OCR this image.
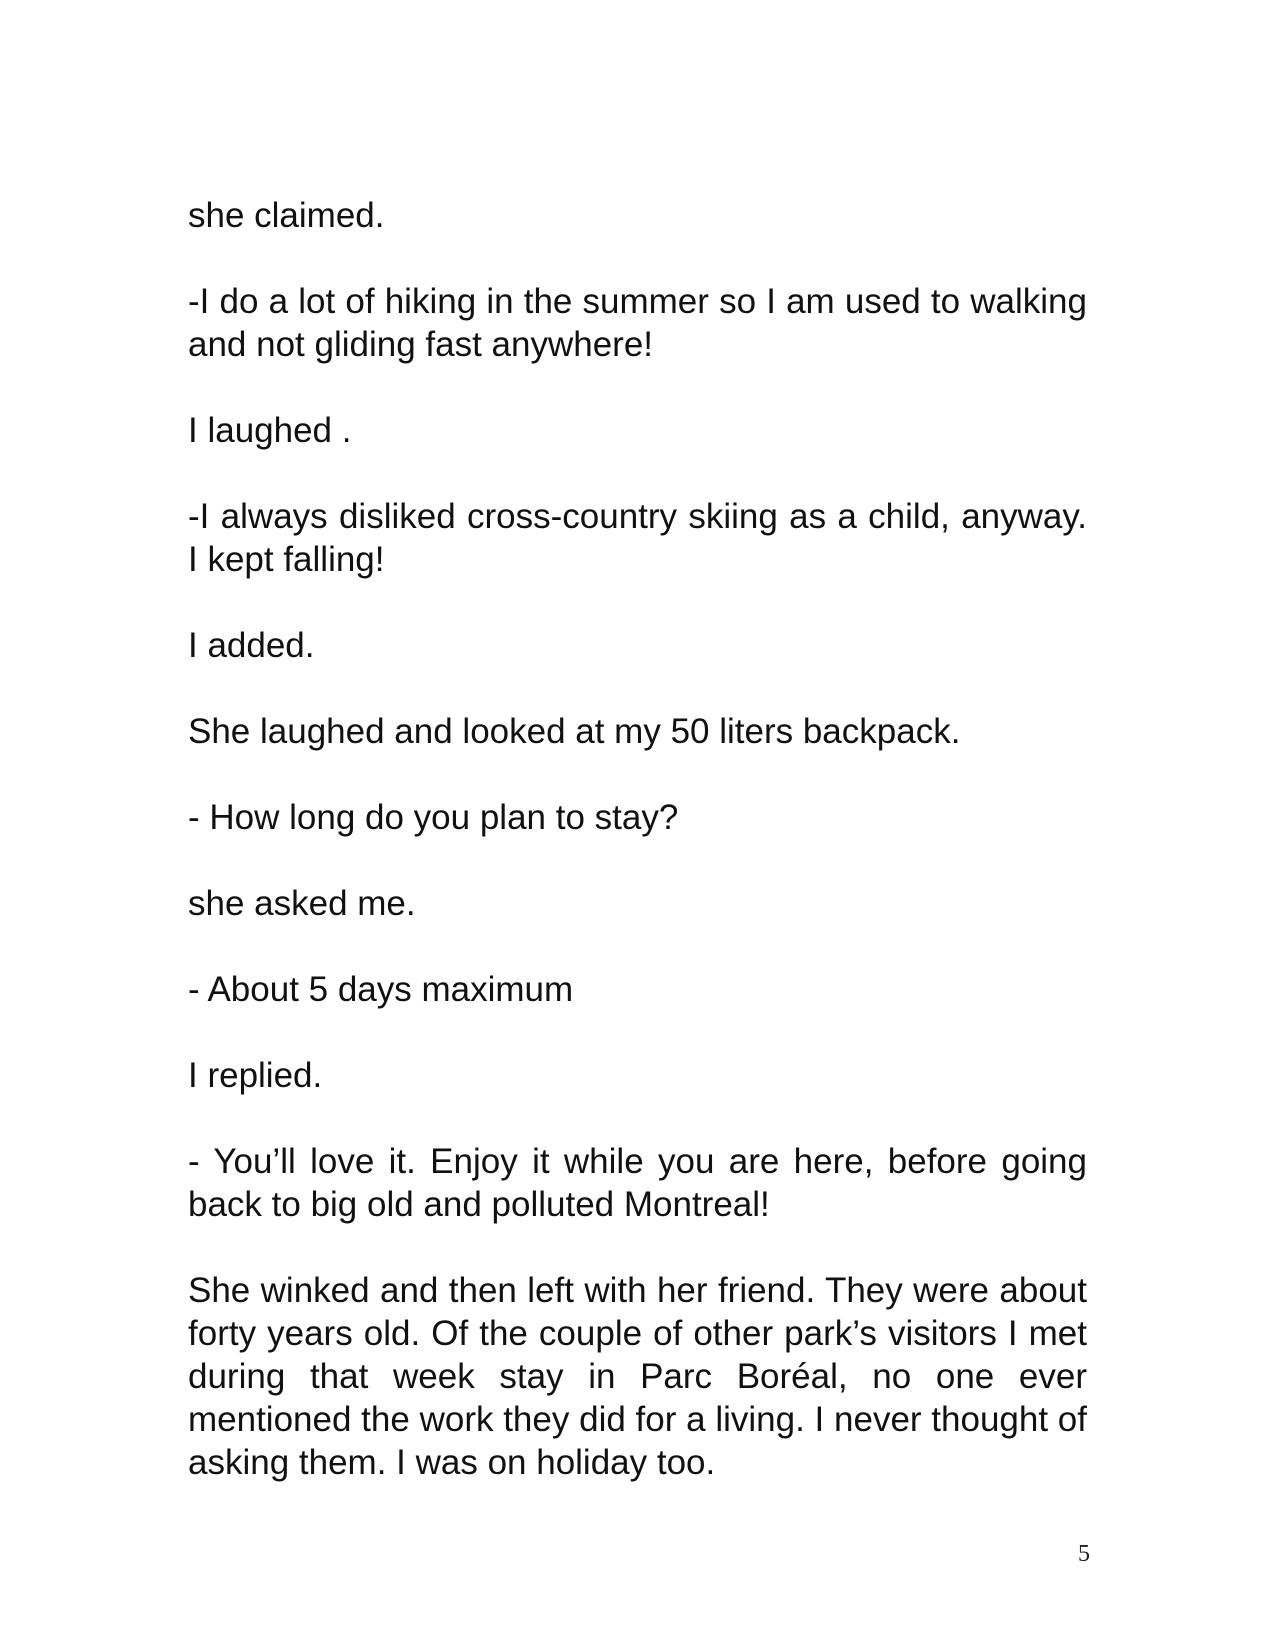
she claimed.

-I do a lot of hiking in the summer so I am used to walking and not gliding fast anywhere!

I laughed .

-I always disliked cross-country skiing as a child, anyway. I kept falling!

I added.

She laughed and looked at my 50 liters backpack.

- How long do you plan to stay?

she asked me.

- About 5 days maximum

I replied.

- You’ll love it. Enjoy it while you are here, before going back to big old and polluted Montreal!

She winked and then left with her friend. They were about forty years old. Of the couple of other park’s visitors I met during that week stay in Parc Boréal, no one ever mentioned the work they did for a living. I never thought of asking them. I was on holiday too.

5
